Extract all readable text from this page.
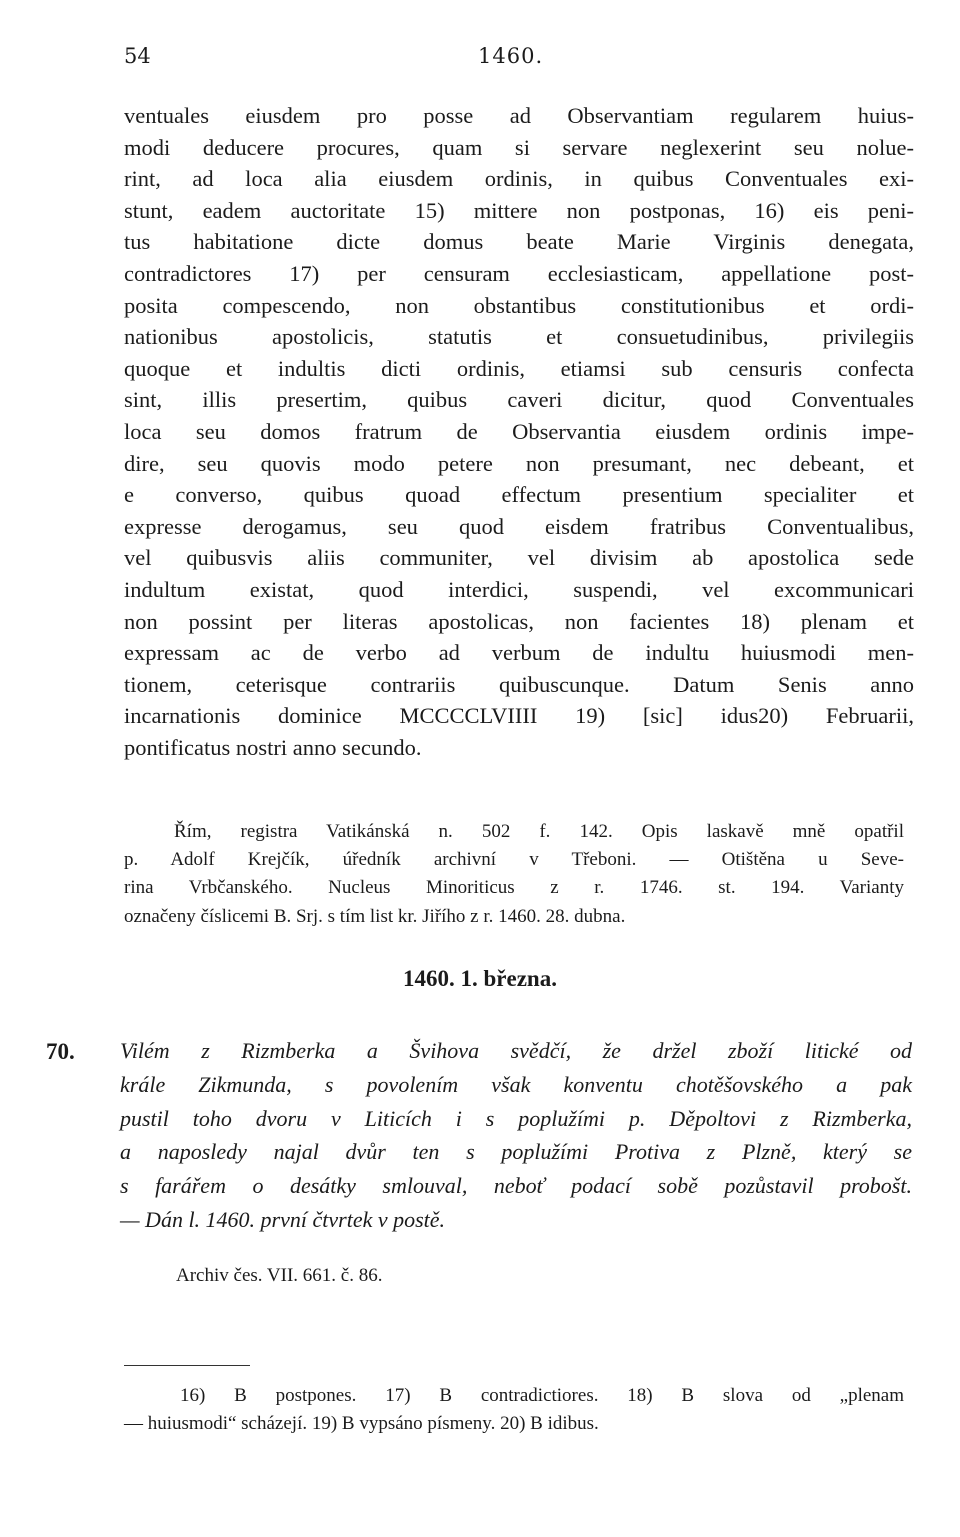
54	1460.
ventuales eiusdem pro posse ad Observantiam regularem huius-
modi deducere procures, quam si servare neglexerint seu nolue-
rint, ad loca alia eiusdem ordinis, in quibus Conventuales exi-
stunt, eadem auctoritate 15) mittere non postponas, 16) eis peni-
tus habitatione dicte domus beate Marie Virginis denegata,
contradictores 17) per censuram ecclesiasticam, appellatione post-
posita compescendo, non obstantibus constitutionibus et ordi-
nationibus apostolicis, statutis et consuetudinibus, privilegiis
quoque et indultis dicti ordinis, etiamsi sub censuris confecta
sint, illis presertim, quibus caveri dicitur, quod Conventuales
loca seu domos fratrum de Observantia eiusdem ordinis impe-
dire, seu quovis modo petere non presumant, nec debeant, et
e converso, quibus quoad effectum presentium specialiter et
expresse derogamus, seu quod eisdem fratribus Conventualibus,
vel quibusvis aliis communiter, vel divisim ab apostolica sede
indultum existat, quod interdici, suspendi, vel excommunicari
non possint per literas apostolicas, non facientes 18) plenam et
expressam ac de verbo ad verbum de indultu huiusmodi men-
tionem, ceterisque contrariis quibuscunque. Datum Senis anno
incarnationis dominice MCCCCLVIIII 19) [sic] idus20) Februarii,
pontificatus nostri anno secundo.
Řím, registra Vatikánská n. 502 f. 142. Opis laskavě mně opatřil
p. Adolf Krejčík, úředník archivní v Třeboni. — Otištěna u Seve-
rina Vrbčanského. Nucleus Minoriticus z r. 1746. st. 194. Varianty
označeny číslicemi B. Srj. s tím list kr. Jiřího z r. 1460. 28. dubna.
1460. 1. března.
70. Vilém z Rizmberka a Švihova svědčí, že držel zboží litické od
krále Zikmunda, s povolením však konventu chotěšovského a pak
pustil toho dvoru v Liticích i s poplužími p. Děpoltovi z Rizmberka,
a naposledy najal dvůr ten s poplužími Protiva z Plzně, který se
s farářem o desátky smlouval, neboť podací sobě pozůstavil probošt.
— Dán l. 1460. první čtvrtek v postě.
Archiv čes. VII. 661. č. 86.
16) B postpones. 17) B contradictiores. 18) B slova od „plenam
— huiusmodi“ scházejí. 19) B vypsáno písmeny. 20) B idibus.
